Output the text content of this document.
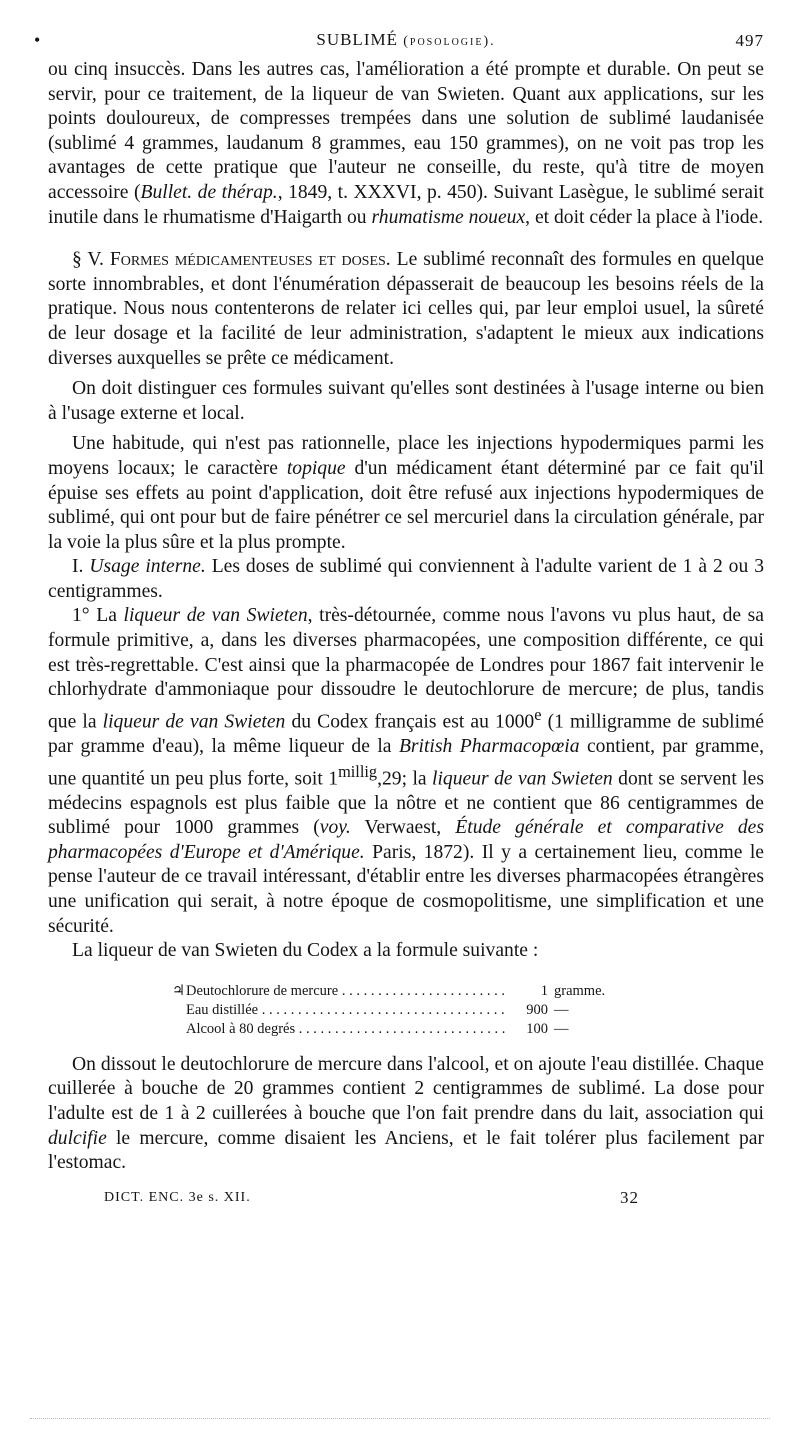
•	SUBLIMÉ (posologie).	497

ou cinq insuccès. Dans les autres cas, l'amélioration a été prompte et durable. On peut se servir, pour ce traitement, de la liqueur de van Swieten. Quant aux applications, sur les points douloureux, de compresses trempées dans une solution de sublimé laudanisée (sublimé 4 grammes, laudanum 8 grammes, eau 150 grammes), on ne voit pas trop les avantages de cette pratique que l'auteur ne conseille, du reste, qu'à titre de moyen accessoire (Bullet. de thérap., 1849, t. XXXVI, p. 450). Suivant Lasègue, le sublimé serait inutile dans le rhumatisme d'Haigarth ou rhumatisme noueux, et doit céder la place à l'iode.

§ V. Formes médicamenteuses et doses. Le sublimé reconnaît des formules en quelque sorte innombrables, et dont l'énumération dépasserait de beaucoup les besoins réels de la pratique. Nous nous contenterons de relater ici celles qui, par leur emploi usuel, la sûreté de leur dosage et la facilité de leur administration, s'adaptent le mieux aux indications diverses auxquelles se prête ce médicament.

On doit distinguer ces formules suivant qu'elles sont destinées à l'usage interne ou bien à l'usage externe et local.

Une habitude, qui n'est pas rationnelle, place les injections hypodermiques parmi les moyens locaux; le caractère topique d'un médicament étant déterminé par ce fait qu'il épuise ses effets au point d'application, doit être refusé aux injections hypodermiques de sublimé, qui ont pour but de faire pénétrer ce sel mercuriel dans la circulation générale, par la voie la plus sûre et la plus prompte.

I. Usage interne. Les doses de sublimé qui conviennent à l'adulte varient de 1 à 2 ou 3 centigrammes.

1° La liqueur de van Swieten, très-détournée, comme nous l'avons vu plus haut, de sa formule primitive, a, dans les diverses pharmacopées, une composition différente, ce qui est très-regrettable. C'est ainsi que la pharmacopée de Londres pour 1867 fait intervenir le chlorhydrate d'ammoniaque pour dissoudre le deutochlorure de mercure; de plus, tandis que la liqueur de van Swieten du Codex français est au 1000e (1 milligramme de sublimé par gramme d'eau), la même liqueur de la British Pharmacopœia contient, par gramme, une quantité un peu plus forte, soit $1^{millig},29$; la liqueur de van Swieten dont se servent les médecins espagnols est plus faible que la nôtre et ne contient que 86 centigrammes de sublimé pour 1000 grammes (voy. Verwaest, Étude générale et comparative des pharmacopées d'Europe et d'Amérique. Paris, 1872). Il y a certainement lieu, comme le pense l'auteur de ce travail intéressant, d'établir entre les diverses pharmacopées étrangères une unification qui serait, à notre époque de cosmopolitisme, une simplification et une sécurité.

La liqueur de van Swieten du Codex a la formule suivante :

♃Deutochlorure de mercure . . .	1 gramme.
Eau distillée . . .	900 —
Alcool à 80 degrés . . .	100 —

On dissout le deutochlorure de mercure dans l'alcool, et on ajoute l'eau distillée. Chaque cuillerée à bouche de 20 grammes contient 2 centigrammes de sublimé. La dose pour l'adulte est de 1 à 2 cuillerées à bouche que l'on fait prendre dans du lait, association qui dulcifie le mercure, comme disaient les Anciens, et le fait tolérer plus facilement par l'estomac.

DICT. ENC. 3e s. XII.	32
